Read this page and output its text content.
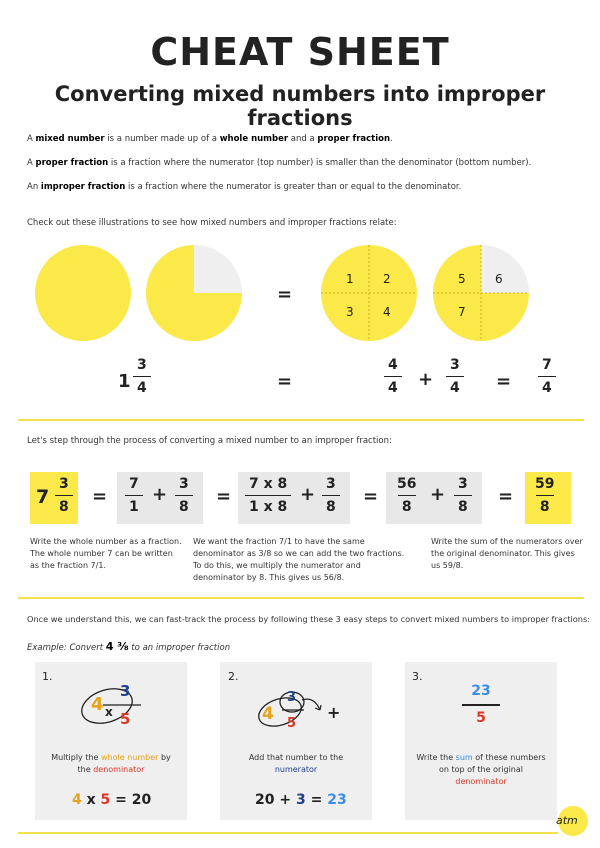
CHEAT SHEET
Converting mixed numbers into improper fractions
A mixed number is a number made up of a whole number and a proper fraction.
A proper fraction is a fraction where the numerator (top number) is smaller than the denominator (bottom number).
An improper fraction is a fraction where the numerator is greater than or equal to the denominator.
Check out these illustrations to see how mixed numbers and improper fractions relate:
1 2
3 4
5 6
7
=
$1 \frac{3}{4}$	=	$\frac{4}{4} + \frac{3}{4} = \frac{7}{4}$
Let's step through the process of converting a mixed number to an improper fraction:
$7 \frac{3}{8} = \frac{7}{1} + \frac{3}{8} = \frac{7 x 8}{1 x 8} + \frac{3}{8} = \frac{56}{8} + \frac{3}{8} = \frac{59}{8}$
Write the whole number as a fraction. The whole number 7 can be written as the fraction 7/1.
We want the fraction 7/1 to have the same denominator as 3/8 so we can add the two fractions. To do this, we multiply the numerator and denominator by 8. This gives us 56/8.
Write the sum of the numerators over the original denominator. This gives us 59/8.
Once we understand this, we can fast-track the process by following these 3 easy steps to convert mixed numbers to improper fractions:
Example: Convert 4 ⅜ to an improper fraction
1.
4 x
3
5
Multiply the whole number by the denominator
4 x 5 = 20
2.
4
3
5
+
Add that number to the numerator
20 + 3 = 23
3.
23
5
Write the sum of these numbers on top of the original denominator
atm
